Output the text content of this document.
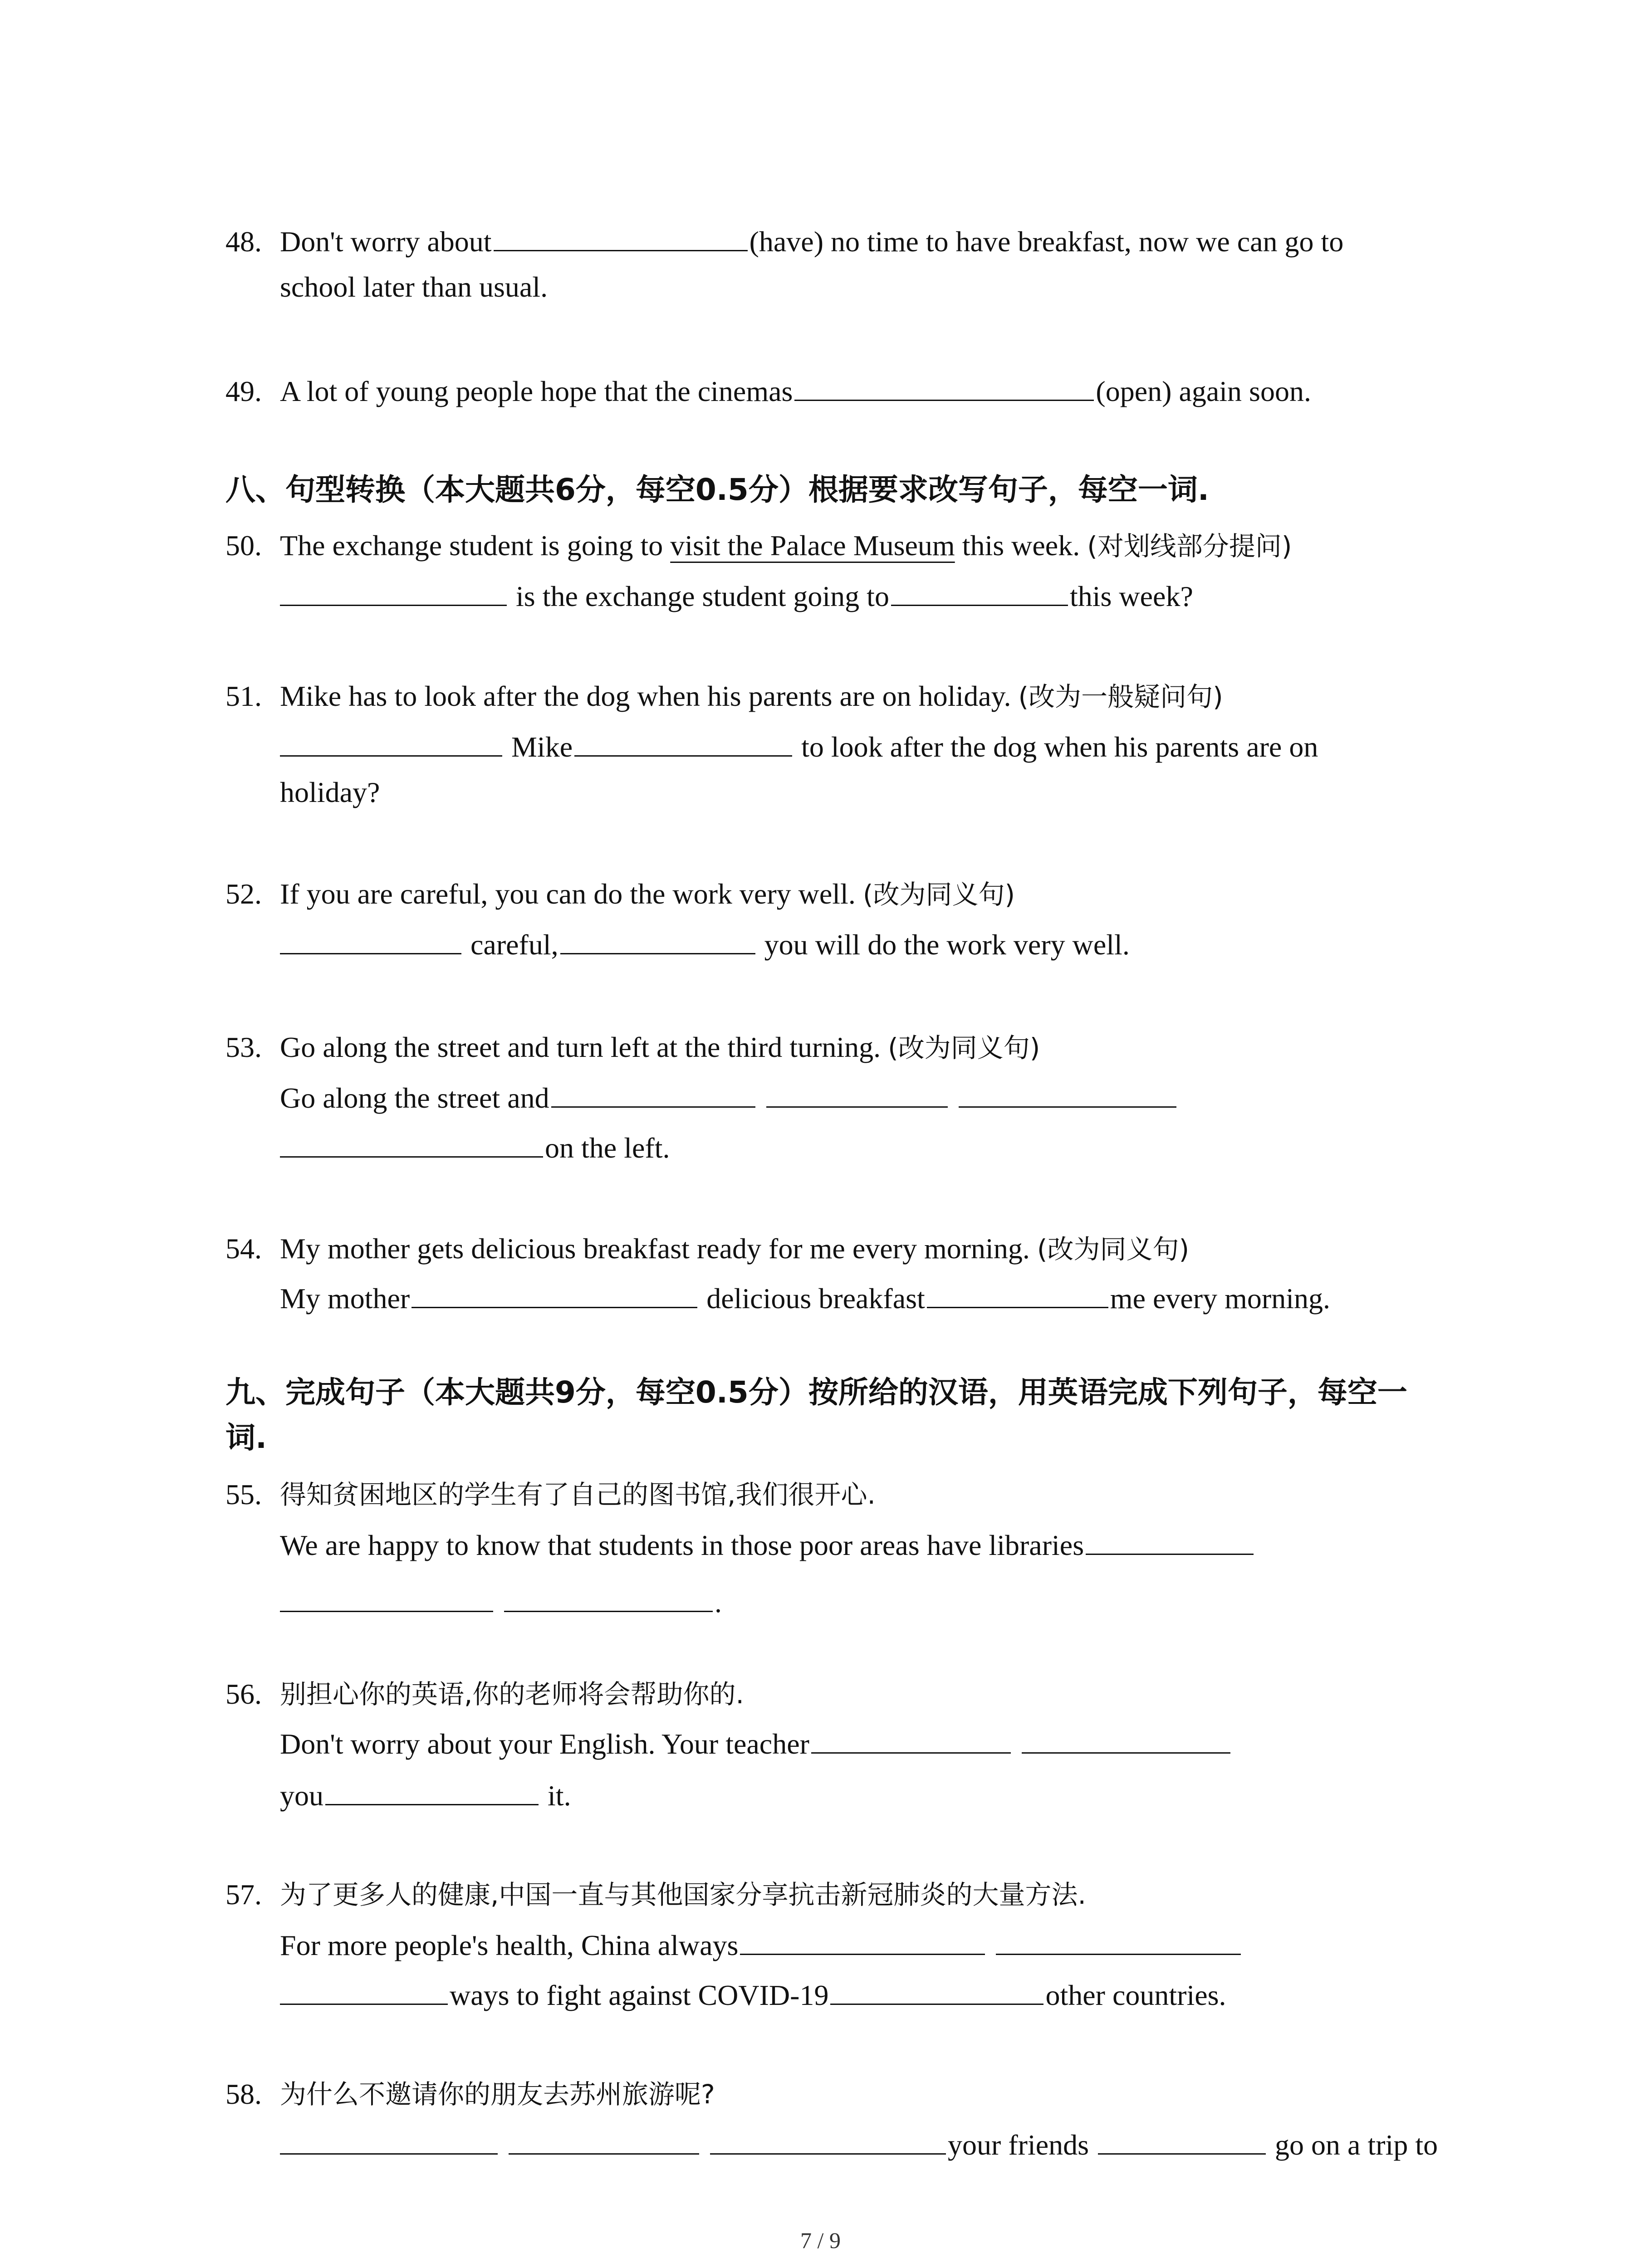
48. Don't worry about	(have) no time to have breakfast, now we can go to
school later than usual.
49. A lot of young people hope that the cinemas	(open) again soon.
八、句型转换（本大题共6分，每空0.5分）根据要求改写句子，每空一词.
50. The exchange student is going to visit the Palace Museum this week. (对划线部分提问)
is the exchange student going to	this week?
51. Mike has to look after the dog when his parents are on holiday. (改为一般疑问句)
Mike	to look after the dog when his parents are on
holiday?
52. If you are careful, you can do the work very well. (改为同义句)
careful,	you will do the work very well.
53. Go along the street and turn left at the third turning. (改为同义句)
Go along the street and
on the left.
54. My mother gets delicious breakfast ready for me every morning. (改为同义句)
My mother	delicious breakfast	me every morning.
九、完成句子（本大题共9分，每空0.5分）按所给的汉语，用英语完成下列句子，每空一
词.
55. 得知贫困地区的学生有了自己的图书馆,我们很开心.
We are happy to know that students in those poor areas have libraries
.
56. 别担心你的英语,你的老师将会帮助你的.
Don't worry about your English. Your teacher
you	it.
57. 为了更多人的健康,中国一直与其他国家分享抗击新冠肺炎的大量方法.
For more people's health, China always
ways to fight against COVID-19	other countries.
58. 为什么不邀请你的朋友去苏州旅游呢?
your friends	go on a trip to
7 / 9
